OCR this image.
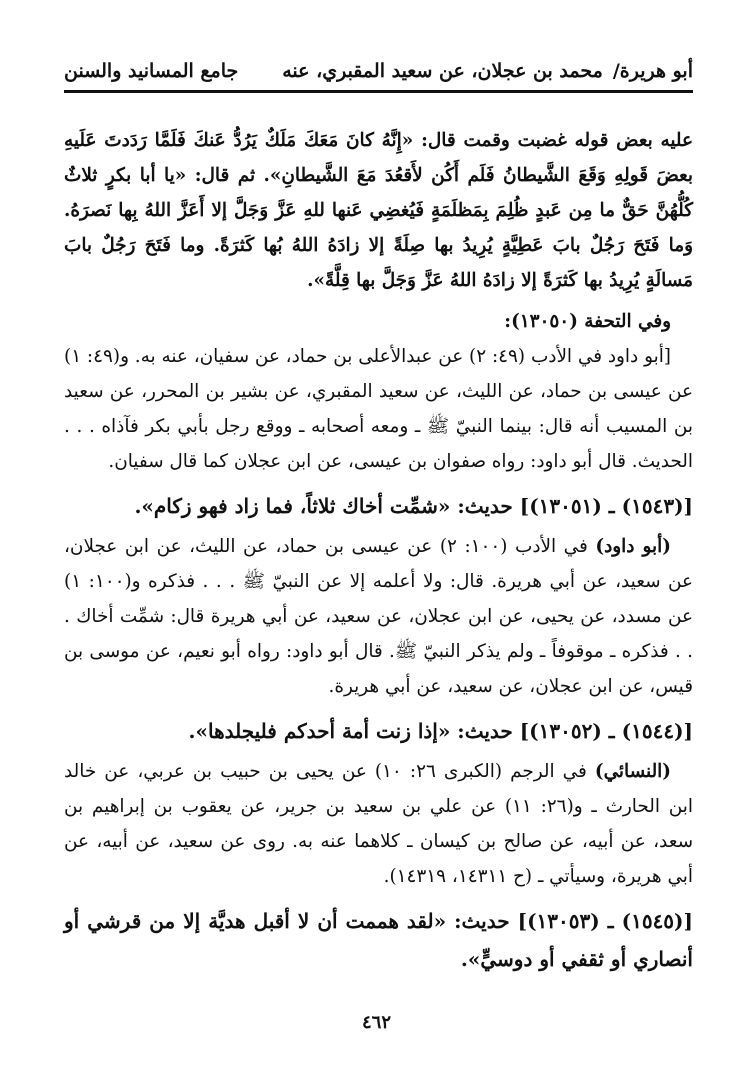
أبو هريرة/
محمد بن عجلان، عن سعيد المقبري، عنه
جامع المسانيد والسنن

عليه بعض قوله غضبت وقمت قال: «إِنَّهُ كانَ مَعَكَ مَلَكٌ يَرُدُّ عَنكَ فَلَمَّا رَدَدتَ عَلَيهِ بعضَ قَولِهِ وَقَعَ الشَّيطانُ فَلَم أَكُن لأَقعُدَ مَعَ الشَّيطانِ». ثم قال: «يا أبا بكرٍ ثلاثٌ كُلُّهُنَّ حَقٌّ ما مِن عَبدٍ ظُلِمَ بِمَظلَمَةٍ فَيُغضِي عَنها للهِ عَزَّ وَجَلَّ إلا أَعَزَّ اللهُ بِها نَصرَهُ. وَما فَتَحَ رَجُلٌ بابَ عَطِيَّةٍ يُرِيدُ بها صِلَةً إلا زادَهُ اللهُ بُها كَثرَةً. وما فَتَحَ رَجُلٌ بابَ مَسالَةٍ يُرِيدُ بها كَثرَةً إلا زادَهُ اللهُ عَزَّ وَجَلَّ بها قِلَّةً».

وفي التحفة (١٣٠٥٠):

[أبو داود في الأدب (٤٩: ٢) عن عبدالأعلى بن حماد، عن سفيان، عنه به. و(٤٩: ١) عن عيسى بن حماد، عن الليث، عن سعيد المقبري، عن بشير بن المحرر، عن سعيد بن المسيب أنه قال: بينما النبيّ ﷺ ـ ومعه أصحابه ـ ووقع رجل بأبي بكر فآذاه . . . الحديث. قال أبو داود: رواه صفوان بن عيسى، عن ابن عجلان كما قال سفيان.

[(١٥٤٣) ـ (١٣٠٥١)] حديث: «شمِّت أخاك ثلاثاً، فما زاد فهو زكام».

(أبو داود) في الأدب (١٠٠: ٢) عن عيسى بن حماد، عن الليث، عن ابن عجلان، عن سعيد، عن أبي هريرة. قال: ولا أعلمه إلا عن النبيّ ﷺ . . . فذكره و(١٠٠: ١) عن مسدد، عن يحيى، عن ابن عجلان، عن سعيد، عن أبي هريرة قال: شمِّت أخاك . . . فذكره ـ موقوفاً ـ ولم يذكر النبيّ ﷺ. قال أبو داود: رواه أبو نعيم، عن موسى بن قيس، عن ابن عجلان، عن سعيد، عن أبي هريرة.

[(١٥٤٤) ـ (١٣٠٥٢)] حديث: «إذا زنت أمة أحدكم فليجلدها».

(النسائي) في الرجم (الكبرى ٢٦: ١٠) عن يحيى بن حبيب بن عربي، عن خالد ابن الحارث ـ و(٢٦: ١١) عن علي بن سعيد بن جرير، عن يعقوب بن إبراهيم بن سعد، عن أبيه، عن صالح بن كيسان ـ كلاهما عنه به. روى عن سعيد، عن أبيه، عن أبي هريرة، وسيأتي ـ (ح ١٤٣١١، ١٤٣١٩).

[(١٥٤٥) ـ (١٣٠٥٣)] حديث: «لقد هممت أن لا أقبل هديَّة إلا من قرشي أو أنصاري أو ثقفي أو دوسيٍّ».

٤٦٢
